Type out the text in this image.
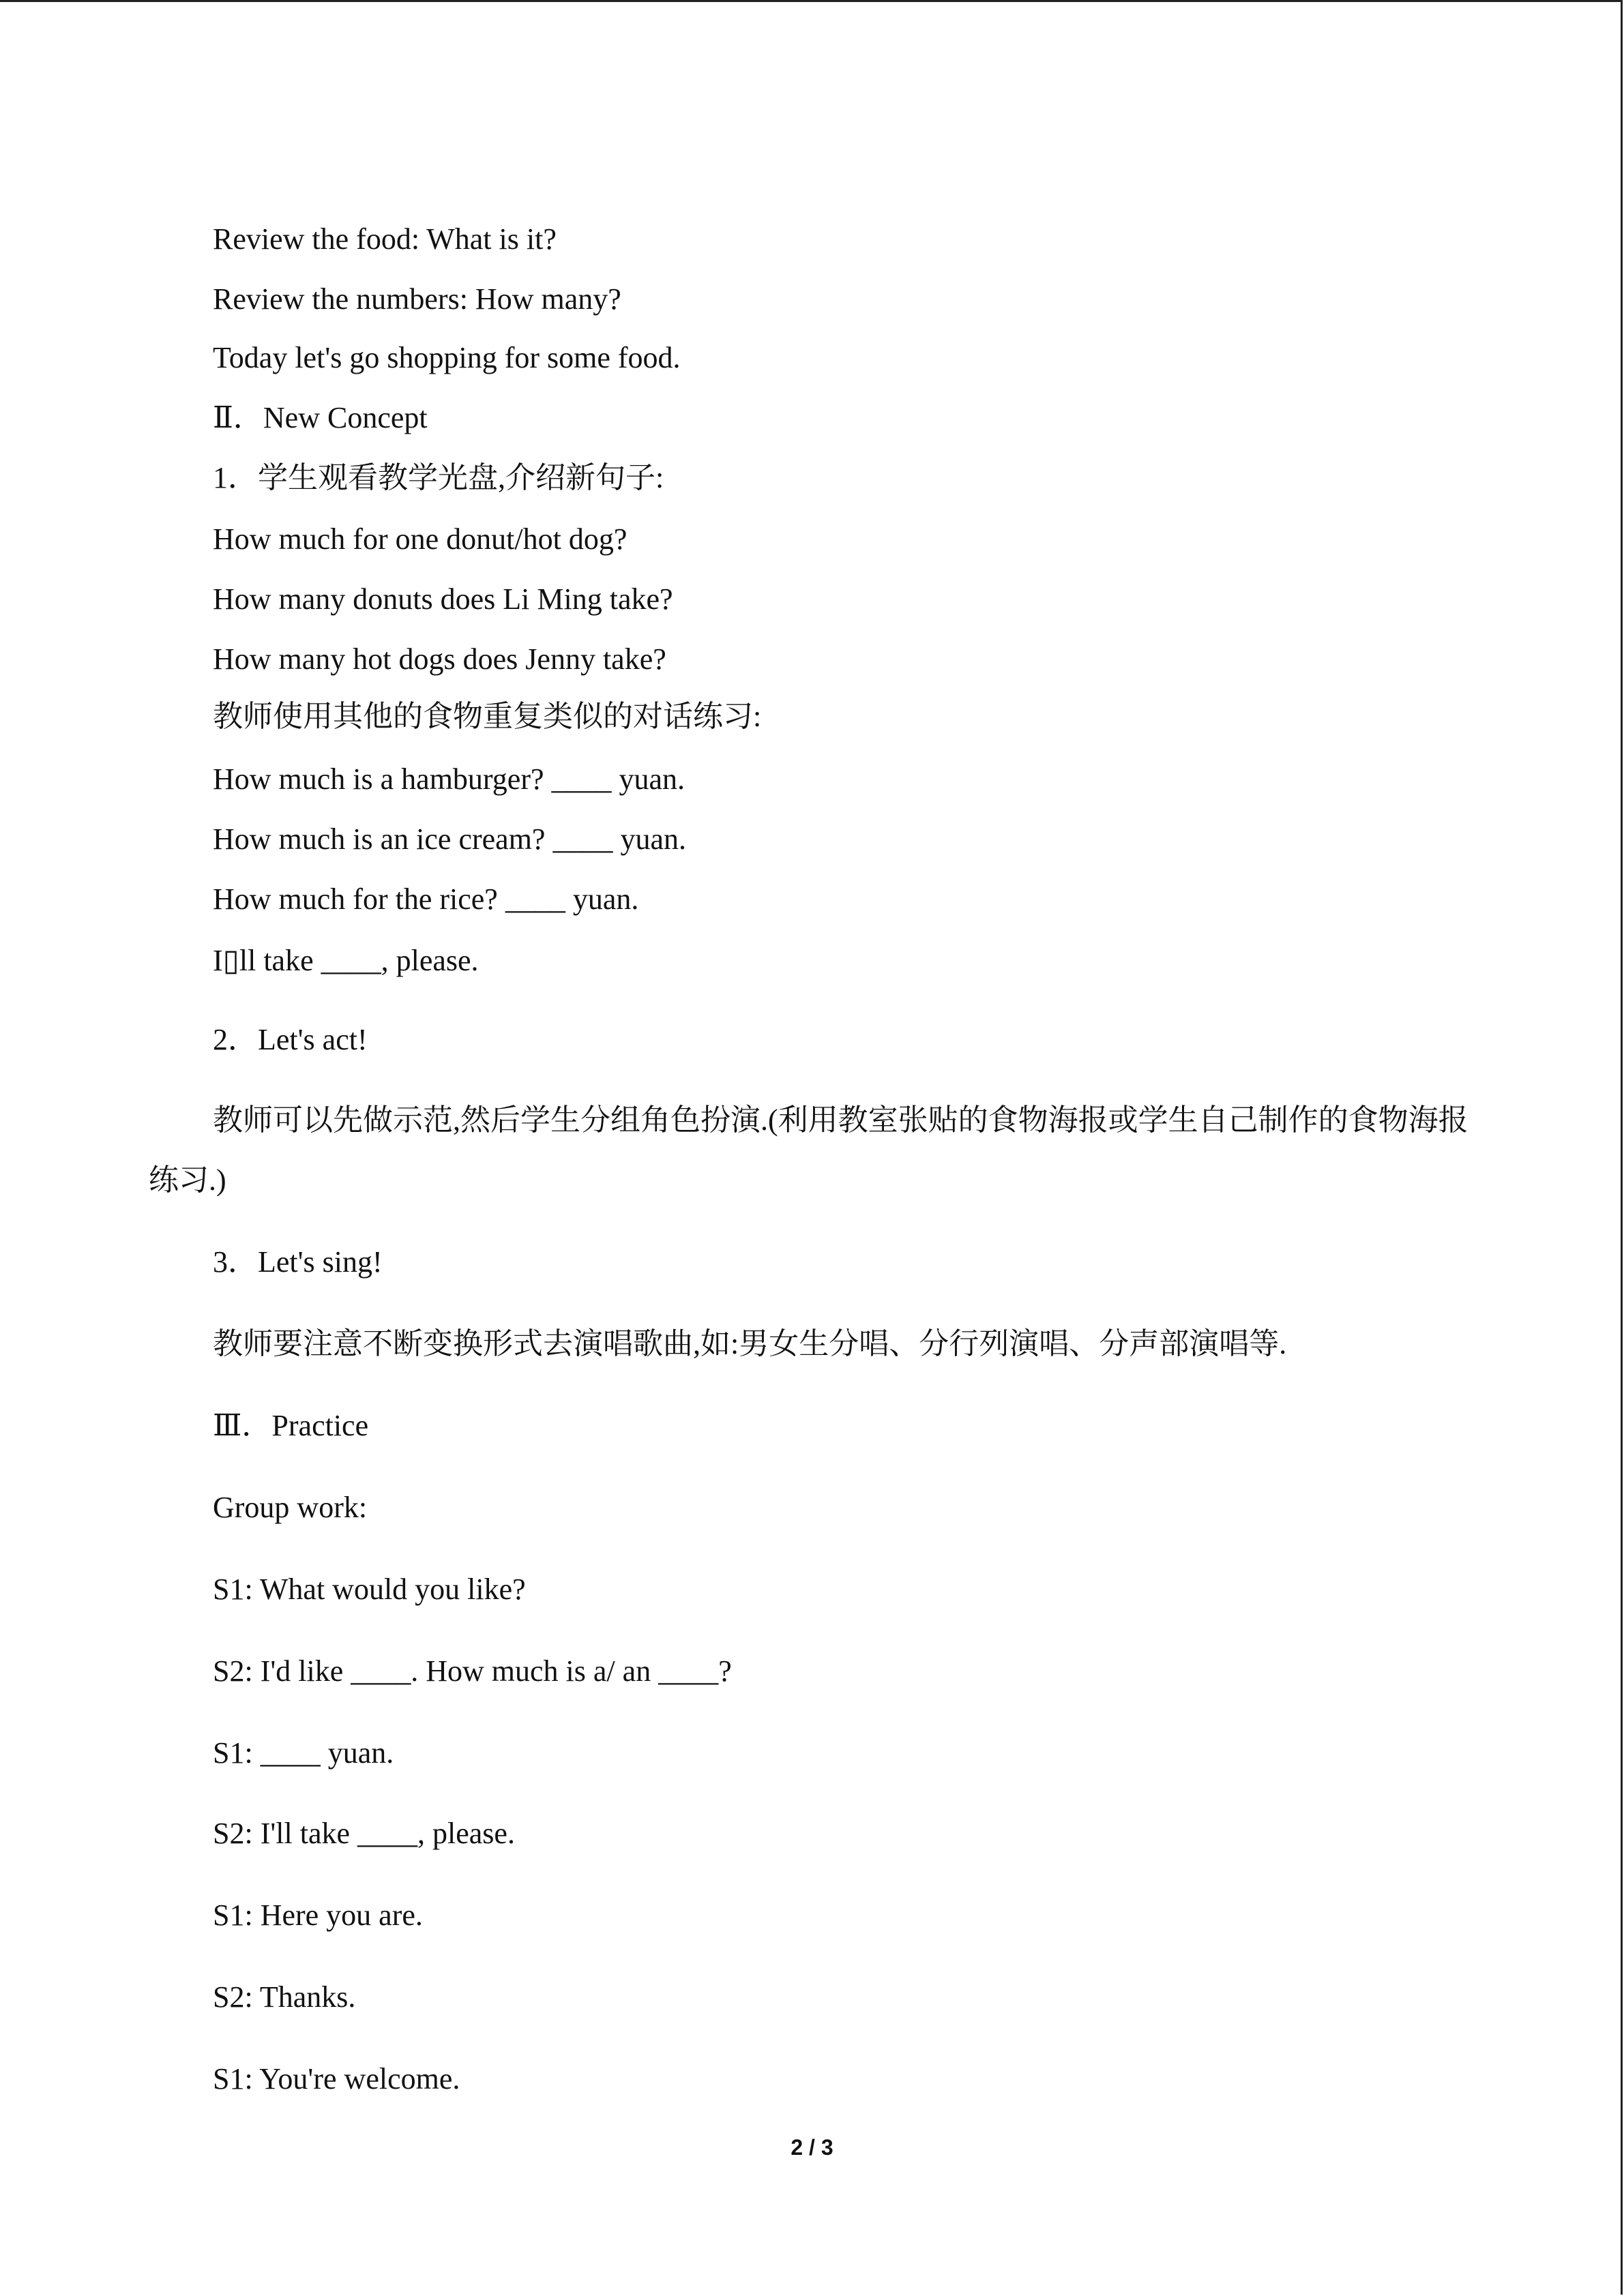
Review the food: What is it?
Review the numbers: How many?
Today let's go shopping for some food.
Ⅱ．New Concept
1．学生观看教学光盘,介绍新句子:
How much for one donut/hot dog?
How many donuts does Li Ming take?
How many hot dogs does Jenny take?
教师使用其他的食物重复类似的对话练习:
How much is a hamburger? ____ yuan.
How much is an ice cream? ____ yuan.
How much for the rice? ____ yuan.
I▯ll take ____, please.
2．Let's act!
教师可以先做示范,然后学生分组角色扮演.(利用教室张贴的食物海报或学生自己制作的食物海报练习.)
3．Let's sing!
教师要注意不断变换形式去演唱歌曲,如:男女生分唱、分行列演唱、分声部演唱等.
Ⅲ．Practice
Group work:
S1: What would you like?
S2: I'd like ____. How much is a/ an ____?
S1: ____ yuan.
S2: I'll take ____, please.
S1: Here you are.
S2: Thanks.
S1: You're welcome.
2 / 3
